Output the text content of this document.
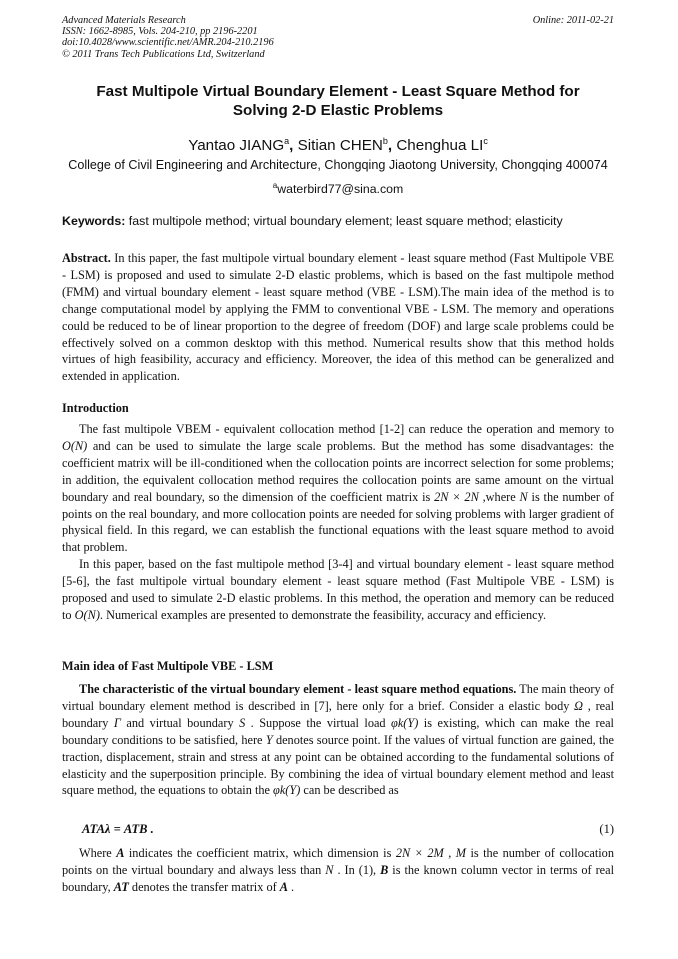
Advanced Materials Research
ISSN: 1662-8985, Vols. 204-210, pp 2196-2201
doi:10.4028/www.scientific.net/AMR.204-210.2196
© 2011 Trans Tech Publications Ltd, Switzerland
Online: 2011-02-21
Fast Multipole Virtual Boundary Element - Least Square Method for
Solving 2-D Elastic Problems
Yantao JIANG$^a$, Sitian CHEN$^b$, Chenghua $LI^c$
College of Civil Engineering and Architecture, Chongqing Jiaotong University, Chongqing 400074
$^a$waterbird77@sina.com
Keywords: fast multipole method; virtual boundary element; least square method; elasticity

Abstract. In this paper, the fast multipole virtual boundary element - least square method (Fast Multipole VBE - LSM) is proposed and used to simulate 2-D elastic problems, which is based on the fast multipole method (FMM) and virtual boundary element - least square method (VBE - LSM).The main idea of the method is to change computational model by applying the FMM to conventional VBE - LSM. The memory and operations could be reduced to be of linear proportion to the degree of freedom (DOF) and large scale problems could be effectively solved on a common desktop with this method. Numerical results show that this method holds virtues of high feasibility, accuracy and efficiency. Moreover, the idea of this method can be generalized and extended in application.

Introduction

The fast multipole VBEM - equivalent collocation method [1-2] can reduce the operation and memory to O(N) and can be used to simulate the large scale problems. But the method has some disadvantages: the coefficient matrix will be ill-conditioned when the collocation points are incorrect selection for some problems; in addition, the equivalent collocation method requires the collocation points are same amount on the virtual boundary and real boundary, so the dimension of the coefficient matrix is 2N × 2N ,where N is the number of points on the real boundary, and more collocation points are needed for solving problems with larger gradient of physical field. In this regard, we can establish the functional equations with the least square method to avoid that problem.

In this paper, based on the fast multipole method [3-4] and virtual boundary element - least square method [5-6], the fast multipole virtual boundary element - least square method (Fast Multipole VBE - LSM) is proposed and used to simulate 2-D elastic problems. In this method, the operation and memory can be reduced to O(N). Numerical examples are presented to demonstrate the feasibility, accuracy and efficiency.

Main idea of Fast Multipole VBE - LSM

The characteristic of the virtual boundary element - least square method equations. The main theory of virtual boundary element method is described in [7], here only for a brief. Consider a elastic body Ω , real boundary Γ and virtual boundary S . Suppose the virtual load φk(Y) is existing, which can make the real boundary conditions to be satisfied, here Y denotes source point. If the values of virtual function are gained, the traction, displacement, strain and stress at any point can be obtained according to the fundamental solutions of elasticity and the superposition principle. By combining the idea of virtual boundary element method and least square method, the equations to obtain the φk(Y) can be described as

ATAλ = ATB .	(1)

Where A indicates the coefficient matrix, which dimension is 2N × 2M , M is the number of collocation points on the virtual boundary and always less than N . In (1), B is the known column vector in terms of real boundary, AT denotes the transfer matrix of A .
